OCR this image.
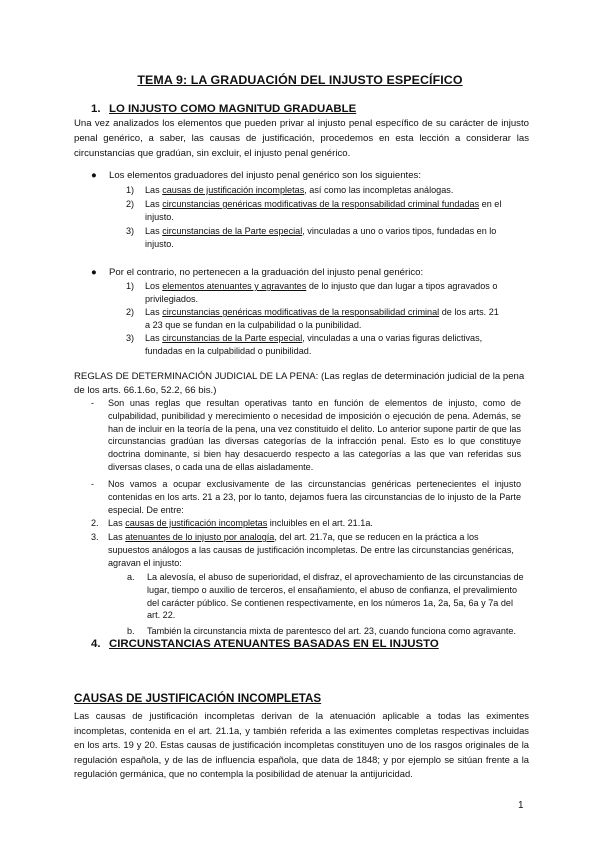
TEMA 9: LA GRADUACIÓN DEL INJUSTO ESPECÍFICO
1. LO INJUSTO COMO MAGNITUD GRADUABLE
Una vez analizados los elementos que pueden privar al injusto penal específico de su carácter de injusto penal genérico, a saber, las causas de justificación, procedemos en esta lección a considerar las circunstancias que gradúan, sin excluir, el injusto penal genérico.
● Los elementos graduadores del injusto penal genérico son los siguientes:
1) Las causas de justificación incompletas, así como las incompletas análogas.
2) Las circunstancias genéricas modificativas de la responsabilidad criminal fundadas en el injusto.
3) Las circunstancias de la Parte especial, vinculadas a uno o varios tipos, fundadas en lo injusto.
● Por el contrario, no pertenecen a la graduación del injusto penal genérico:
1) Los elementos atenuantes y agravantes de lo injusto que dan lugar a tipos agravados o privilegiados.
2) Las circunstancias genéricas modificativas de la responsabilidad criminal de los arts. 21 a 23 que se fundan en la culpabilidad o la punibilidad.
3) Las circunstancias de la Parte especial, vinculadas a una o varias figuras delictivas, fundadas en la culpabilidad o punibilidad.
REGLAS DE DETERMINACIÓN JUDICIAL DE LA PENA: (Las reglas de determinación judicial de la pena de los arts. 66.1.6o, 52.2, 66 bis.)
- Son unas reglas que resultan operativas tanto en función de elementos de injusto, como de culpabilidad, punibilidad y merecimiento o necesidad de imposición o ejecución de pena. Además, se han de incluir en la teoría de la pena, una vez constituido el delito. Lo anterior supone partir de que las circunstancias gradúan las diversas categorías de la infracción penal. Esto es lo que constituye doctrina dominante, si bien hay desacuerdo respecto a las categorías a las que van referidas sus diversas clases, o cada una de ellas aisladamente.
- Nos vamos a ocupar exclusivamente de las circunstancias genéricas pertenecientes el injusto contenidas en los arts. 21 a 23, por lo tanto, dejamos fuera las circunstancias de lo injusto de la Parte especial. De entre:
2. Las causas de justificación incompletas incluibles en el art. 21.1a.
3. Las atenuantes de lo injusto por analogía, del art. 21.7a, que se reducen en la práctica a los supuestos análogos a las causas de justificación incompletas. De entre las circunstancias genéricas, agravan el injusto:
a. La alevosía, el abuso de superioridad, el disfraz, el aprovechamiento de las circunstancias de lugar, tiempo o auxilio de terceros, el ensañamiento, el abuso de confianza, el prevalimiento del carácter público. Se contienen respectivamente, en los números 1a, 2a, 5a, 6a y 7a del art. 22.
b. También la circunstancia mixta de parentesco del art. 23, cuando funciona como agravante.
4. CIRCUNSTANCIAS ATENUANTES BASADAS EN EL INJUSTO
CAUSAS DE JUSTIFICACIÓN INCOMPLETAS
Las causas de justificación incompletas derivan de la atenuación aplicable a todas las eximentes incompletas, contenida en el art. 21.1a, y también referida a las eximentes completas respectivas incluidas en los arts. 19 y 20. Estas causas de justificación incompletas constituyen uno de los rasgos originales de la regulación española, y de las de influencia española, que data de 1848; y por ejemplo se sitúan frente a la regulación germánica, que no contempla la posibilidad de atenuar la antijuricidad.
1
